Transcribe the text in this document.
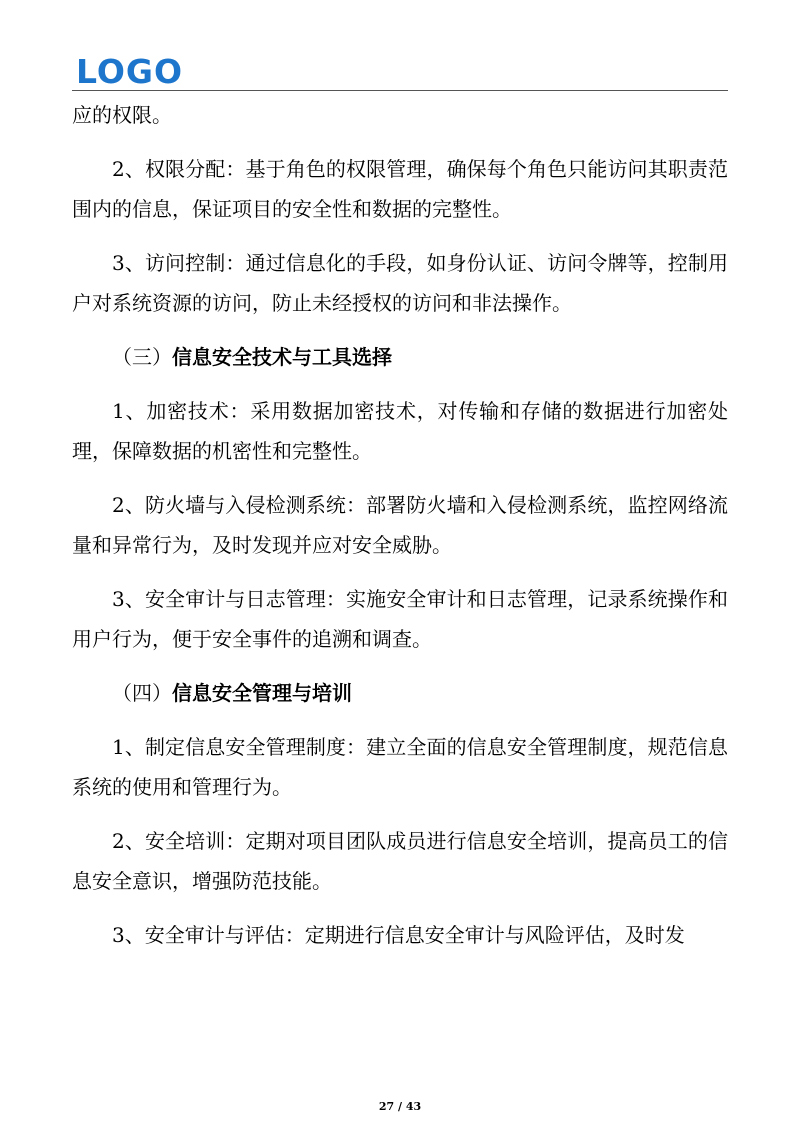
LOGO

应的权限。

2、权限分配：基于角色的权限管理，确保每个角色只能访问其职责范围内的信息，保证项目的安全性和数据的完整性。

3、访问控制：通过信息化的手段，如身份认证、访问令牌等，控制用户对系统资源的访问，防止未经授权的访问和非法操作。

（三）信息安全技术与工具选择

1、加密技术：采用数据加密技术，对传输和存储的数据进行加密处理，保障数据的机密性和完整性。

2、防火墙与入侵检测系统：部署防火墙和入侵检测系统，监控网络流量和异常行为，及时发现并应对安全威胁。

3、安全审计与日志管理：实施安全审计和日志管理，记录系统操作和用户行为，便于安全事件的追溯和调查。

（四）信息安全管理与培训

1、制定信息安全管理制度：建立全面的信息安全管理制度，规范信息系统的使用和管理行为。

2、安全培训：定期对项目团队成员进行信息安全培训，提高员工的信息安全意识，增强防范技能。

3、安全审计与评估：定期进行信息安全审计与风险评估，及时发

27 / 43
